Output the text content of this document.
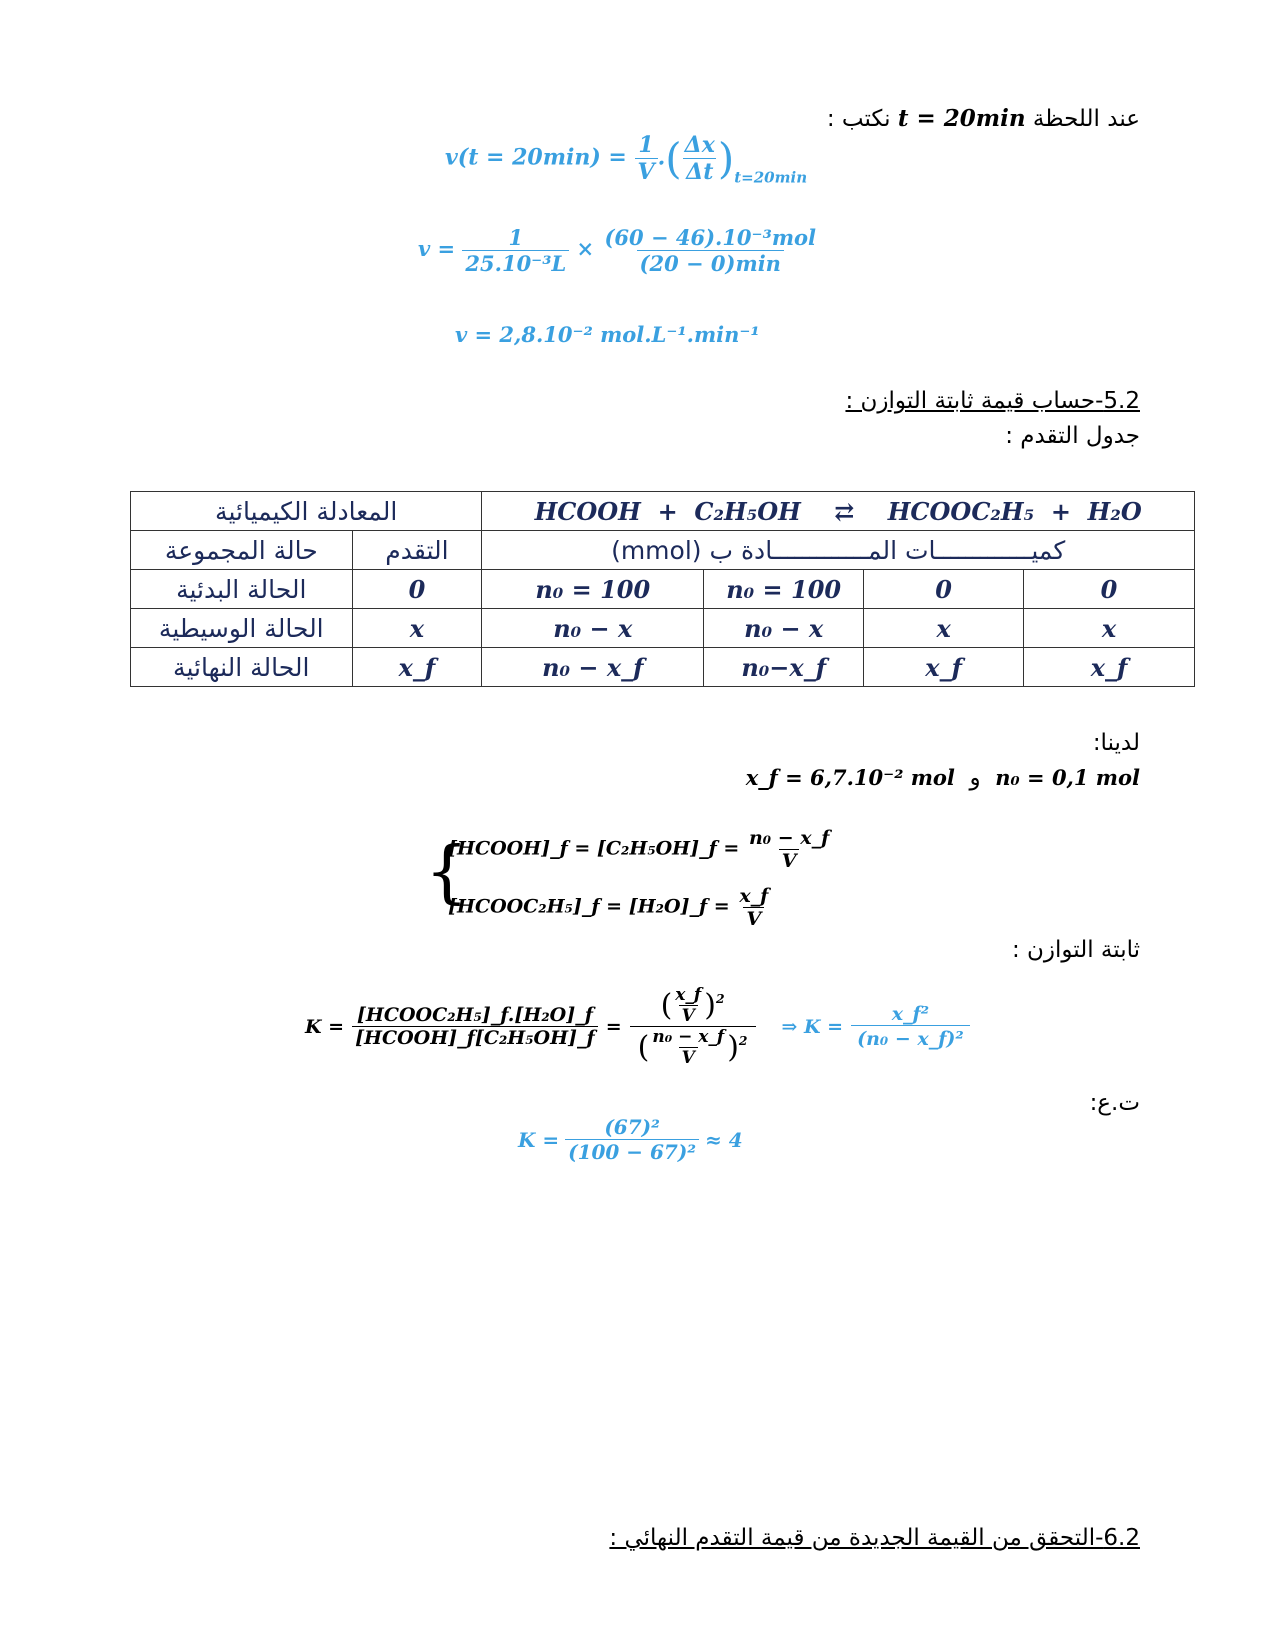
عند اللحظة t = 20min نكتب :
$v(t = 20\min) = \frac{1}{V}$ .( $\frac{\Delta x}{\Delta t} )_{t=20min}$
$v = \frac{1}{\text{25.10⁻³L}} \times \frac{\text{(60 − 46).10⁻³mol}}{(20 - 0)\min}$
v = 2,8.10⁻² mol.L⁻¹.min⁻¹
5.2-حساب قيمة ثابتة التوازن :
جدول التقدم :
المعادلة الكيميائية		HCOOH  +  C₂H₅OH    ⇄    HCOOC₂H₅  +  H₂O			
حالة المجموعة	التقدم	كميـــــــــــــات المـــــــــــــادة ب (mmol)			
الحالة البدئية	0	n₀ = 100	n₀ = 100	0	0
الحالة الوسيطية	x	n₀ − x	n₀ − x	x	x
الحالة النهائية	x_f	n₀ − x_f	n₀−x_f	x_f	x_f
لدينا:
n₀ = 0,1 mol  و  x_f = 6,7.10⁻² mol
{
[HCOOH]_f = [C₂H₅OH]_f = $\frac{\text{n₀ − x\_f}}{V}$
[HCOOC₂H₅]_f = [H₂O]_f = $\frac{x\_f}{V}$
ثابتة التوازن :
$K = \frac{\text{[HCOOC₂H₅]\_f.[H₂O]\_f}}{\text{[HCOOH]\_f[C₂H₅OH]\_f}} = \frac{( \frac{x\_f}{V} )^2}{( \frac{\text{n₀ − x\_f}}{V} )^2}$ ⇒ $K = \frac{\text{x\_f²}}{\text{(n₀ − x\_f)²}}$
ت.ع:
$K = \frac{\text{(67)²}}{\text{(100 − 67)²}} \approx 4$
6.2-التحقق من القيمة الجديدة من قيمة التقدم النهائي :
